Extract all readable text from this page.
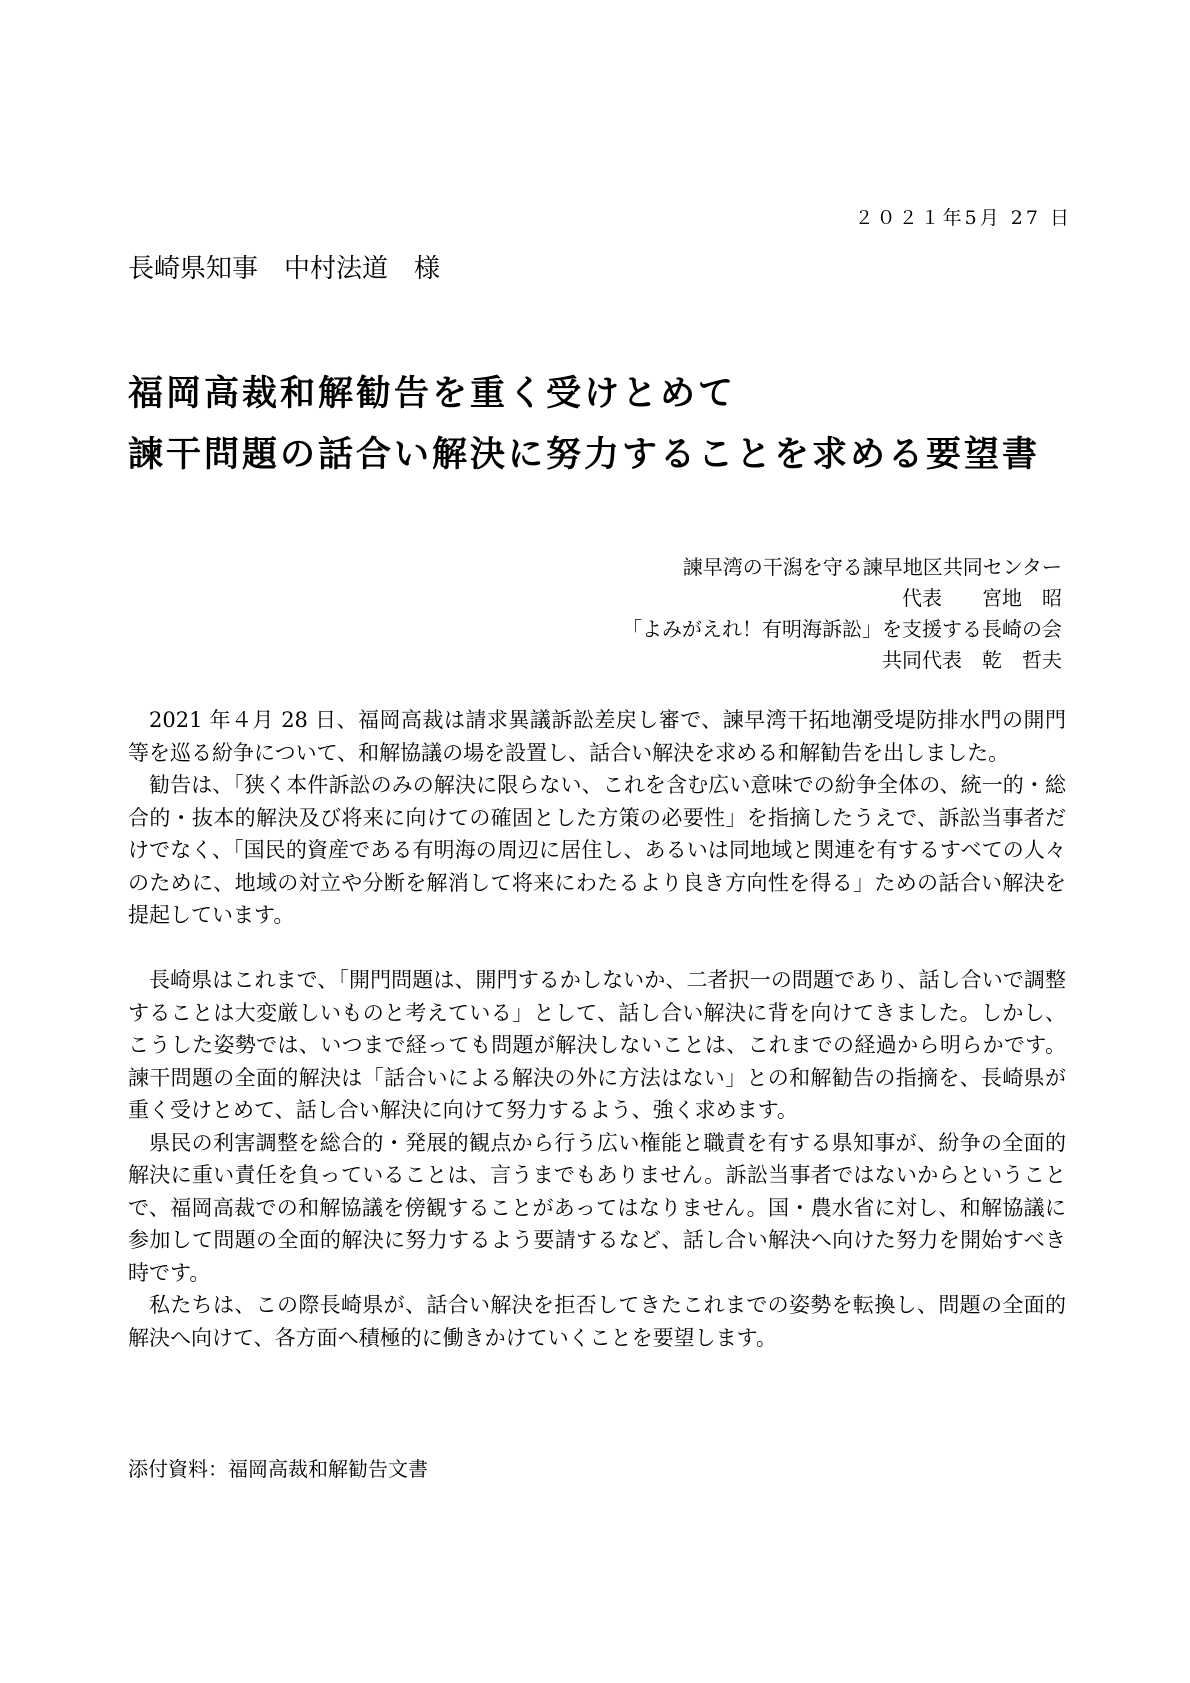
２０２１年5月 27 日
長崎県知事　中村法道　様
福岡高裁和解勧告を重く受けとめて
諫干問題の話合い解決に努力することを求める要望書
諫早湾の干潟を守る諫早地区共同センター
代表　　宮地　昭
「よみがえれ！有明海訴訟」を支援する長崎の会
共同代表　乾　哲夫

2021 年４月 28 日、福岡高裁は請求異議訴訟差戻し審で、諫早湾干拓地潮受堤防排水門の開門等を巡る紛争について、和解協議の場を設置し、話合い解決を求める和解勧告を出しました。

勧告は、「狭く本件訴訟のみの解決に限らない、これを含む広い意味での紛争全体の、統一的・総合的・抜本的解決及び将来に向けての確固とした方策の必要性」を指摘したうえで、訴訟当事者だけでなく、「国民的資産である有明海の周辺に居住し、あるいは同地域と関連を有するすべての人々のために、地域の対立や分断を解消して将来にわたるより良き方向性を得る」ための話合い解決を提起しています。

長崎県はこれまで、「開門問題は、開門するかしないか、二者択一の問題であり、話し合いで調整することは大変厳しいものと考えている」として、話し合い解決に背を向けてきました。しかし、こうした姿勢では、いつまで経っても問題が解決しないことは、これまでの経過から明らかです。諫干問題の全面的解決は「話合いによる解決の外に方法はない」との和解勧告の指摘を、長崎県が重く受けとめて、話し合い解決に向けて努力するよう、強く求めます。

県民の利害調整を総合的・発展的観点から行う広い権能と職責を有する県知事が、紛争の全面的解決に重い責任を負っていることは、言うまでもありません。訴訟当事者ではないからということで、福岡高裁での和解協議を傍観することがあってはなりません。国・農水省に対し、和解協議に参加して問題の全面的解決に努力するよう要請するなど、話し合い解決へ向けた努力を開始すべき時です。

私たちは、この際長崎県が、話合い解決を拒否してきたこれまでの姿勢を転換し、問題の全面的解決へ向けて、各方面へ積極的に働きかけていくことを要望します。

添付資料：福岡高裁和解勧告文書
